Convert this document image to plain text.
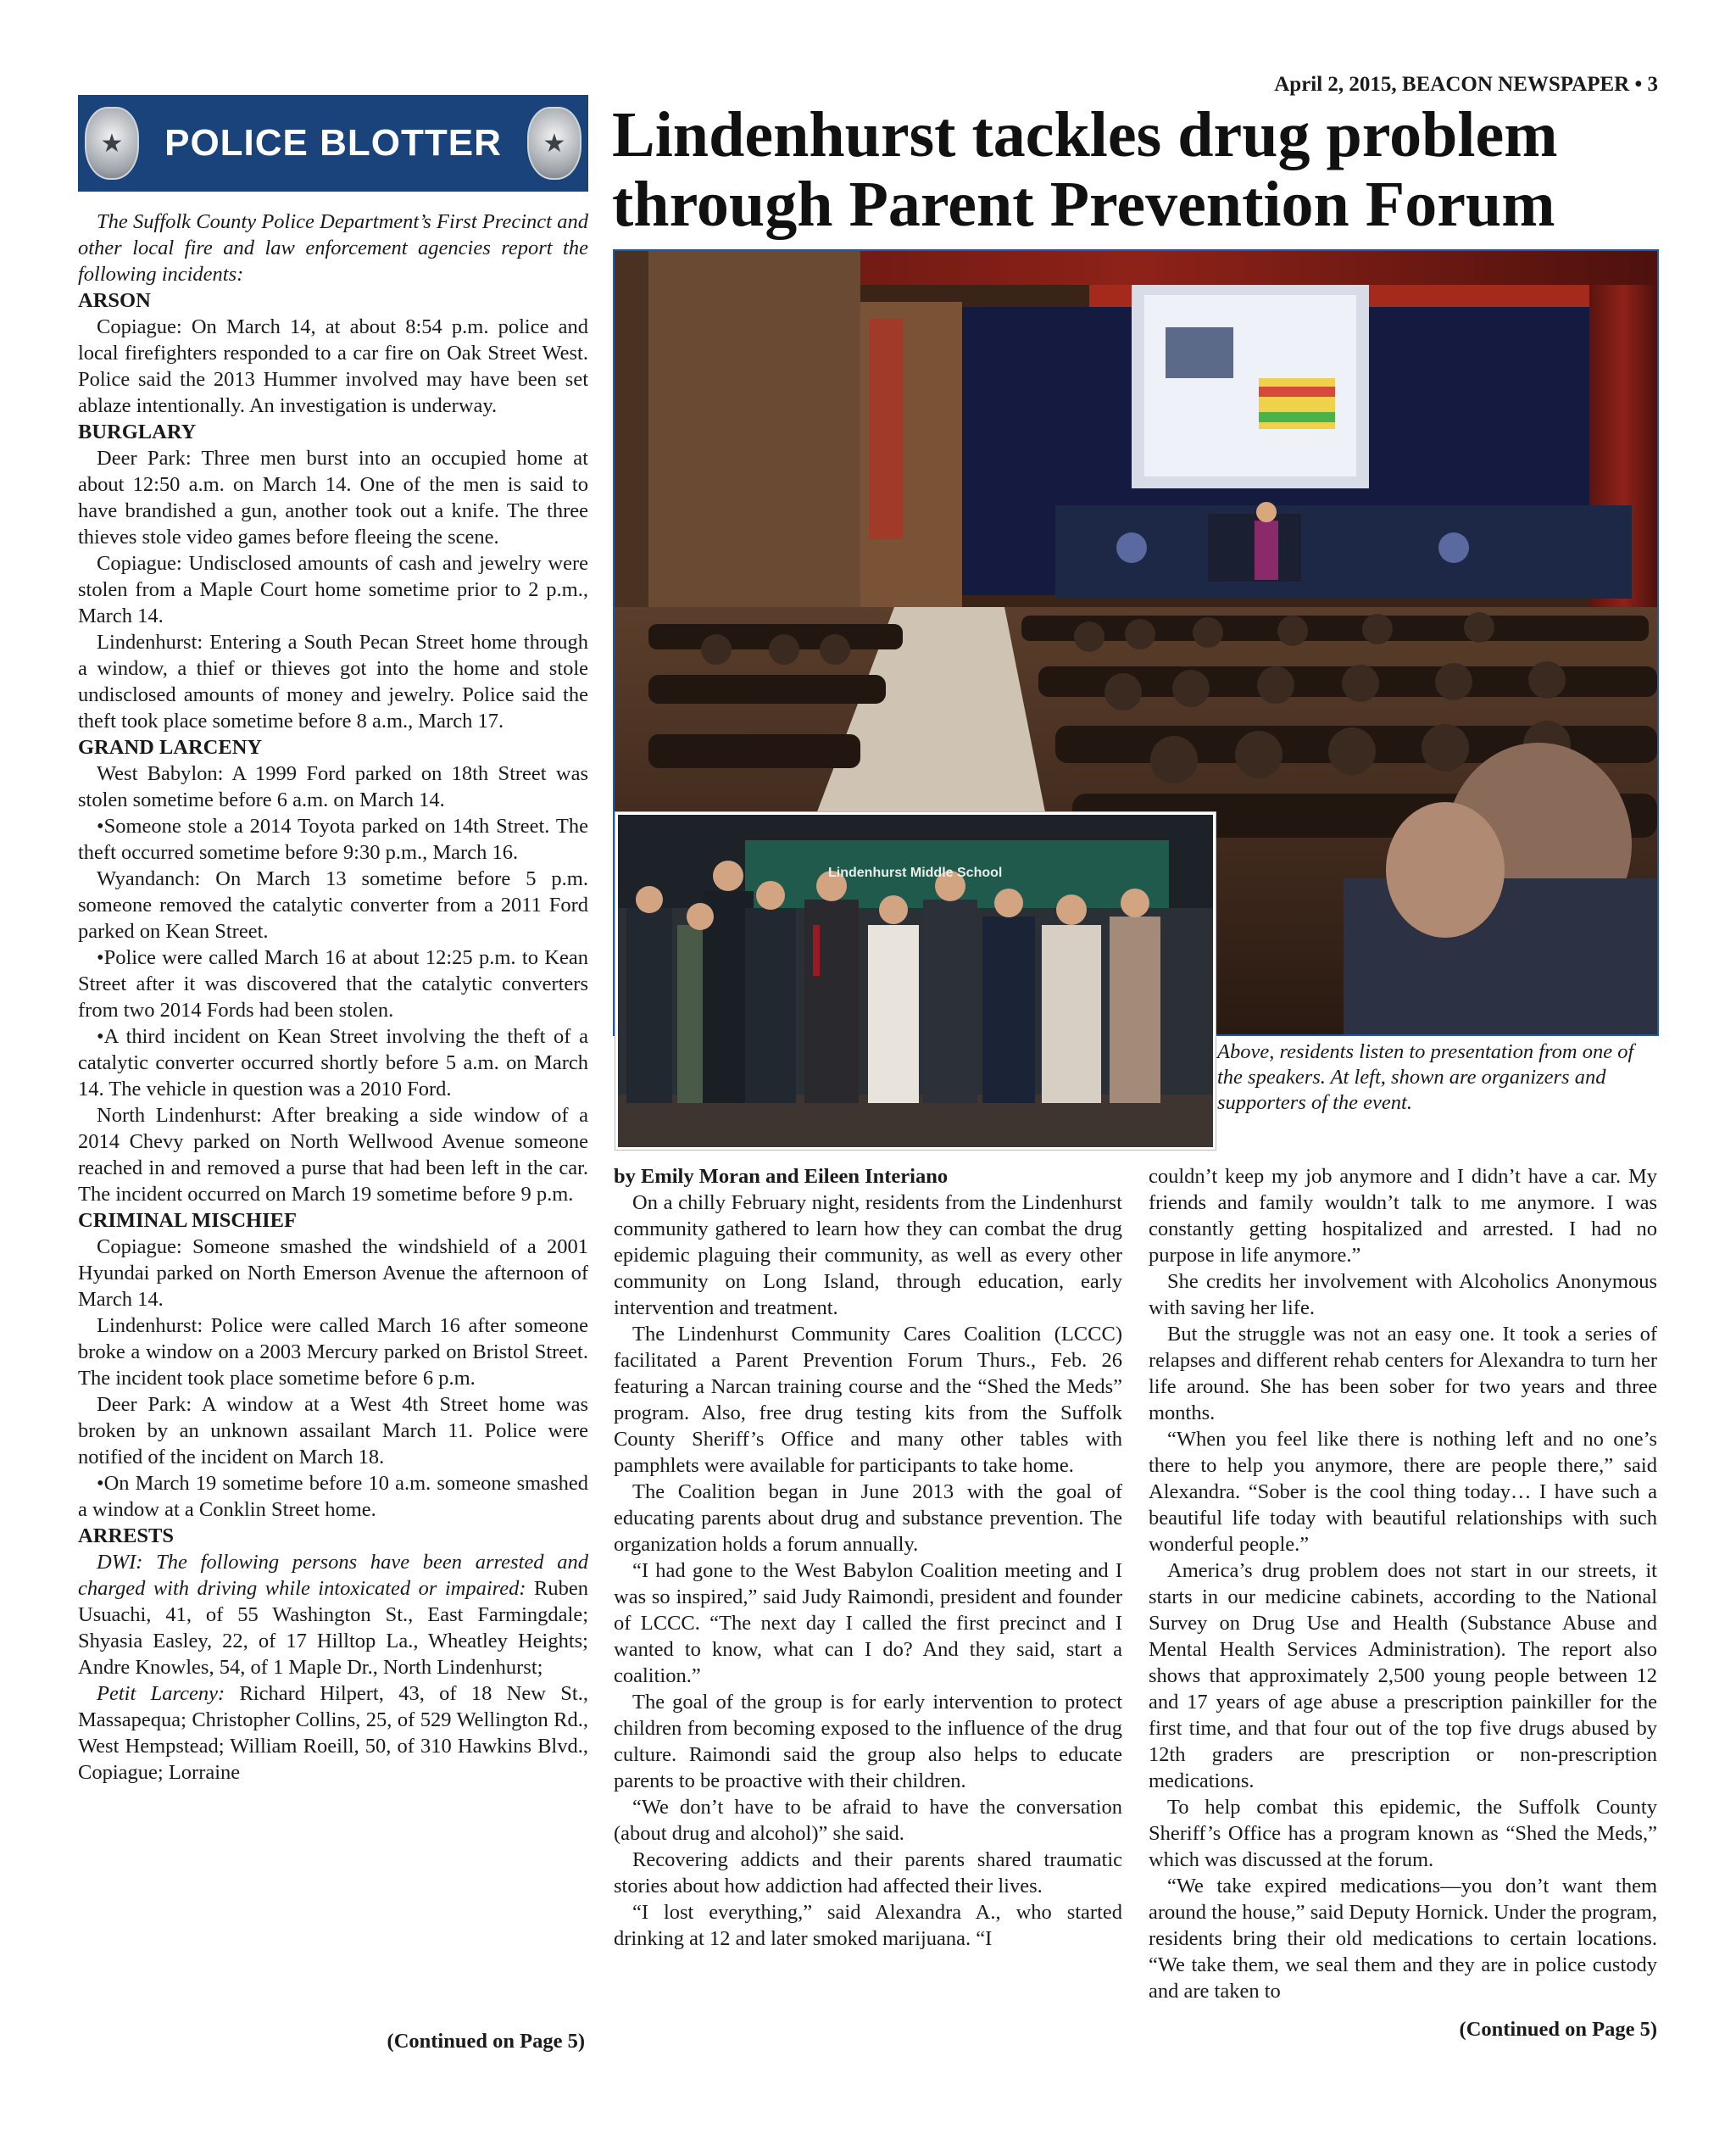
April 2, 2015, BEACON NEWSPAPER • 3
★	POLICE BLOTTER	★

The Suffolk County Police Department’s First Precinct and other local fire and law enforcement agencies report the following incidents:

ARSON

Copiague: On March 14, at about 8:54 p.m. police and local firefighters responded to a car fire on Oak Street West. Police said the 2013 Hummer involved may have been set ablaze intentionally. An investigation is underway.

BURGLARY

Deer Park: Three men burst into an occupied home at about 12:50 a.m. on March 14. One of the men is said to have brandished a gun, another took out a knife. The three thieves stole video games before fleeing the scene.

Copiague: Undisclosed amounts of cash and jewelry were stolen from a Maple Court home sometime prior to 2 p.m., March 14.

Lindenhurst: Entering a South Pecan Street home through a window, a thief or thieves got into the home and stole undisclosed amounts of money and jewelry. Police said the theft took place sometime before 8 a.m., March 17.

GRAND LARCENY

West Babylon: A 1999 Ford parked on 18th Street was stolen sometime before 6 a.m. on March 14.

•Someone stole a 2014 Toyota parked on 14th Street. The theft occurred sometime before 9:30 p.m., March 16.

Wyandanch: On March 13 sometime before 5 p.m. someone removed the catalytic converter from a 2011 Ford parked on Kean Street.

•Police were called March 16 at about 12:25 p.m. to Kean Street after it was discovered that the catalytic converters from two 2014 Fords had been stolen.

•A third incident on Kean Street involving the theft of a catalytic converter occurred shortly before 5 a.m. on March 14. The vehicle in question was a 2010 Ford.

North Lindenhurst: After breaking a side window of a 2014 Chevy parked on North Wellwood Avenue someone reached in and removed a purse that had been left in the car. The incident occurred on March 19 sometime before 9 p.m.

CRIMINAL MISCHIEF

Copiague: Someone smashed the windshield of a 2001 Hyundai parked on North Emerson Avenue the afternoon of March 14.

Lindenhurst: Police were called March 16 after someone broke a window on a 2003 Mercury parked on Bristol Street. The incident took place sometime before 6 p.m.

Deer Park: A window at a West 4th Street home was broken by an unknown assailant March 11. Police were notified of the incident on March 18.

•On March 19 sometime before 10 a.m. someone smashed a window at a Conklin Street home.

ARRESTS

DWI: The following persons have been arrested and charged with driving while intoxicated or impaired: Ruben Usuachi, 41, of 55 Washington St., East Farmingdale; Shyasia Easley, 22, of 17 Hilltop La., Wheatley Heights; Andre Knowles, 54, of 1 Maple Dr., North Lindenhurst;

Petit Larceny: Richard Hilpert, 43, of 18 New St., Massapequa; Christopher Collins, 25, of 529 Wellington Rd., West Hempstead; William Roeill, 50, of 310 Hawkins Blvd., Copiague; Lorraine

(Continued on Page 5)
Lindenhurst tackles drug problem through Parent Prevention Forum
Lindenhurst Middle School
Above, residents listen to presentation from one of the speakers. At left, shown are organizers and supporters of the event.

by Emily Moran and Eileen Interiano

On a chilly February night, residents from the Lindenhurst community gathered to learn how they can combat the drug epidemic plaguing their community, as well as every other community on Long Island, through education, early intervention and treatment.

The Lindenhurst Community Cares Coalition (LCCC) facilitated a Parent Prevention Forum Thurs., Feb. 26 featuring a Narcan training course and the “Shed the Meds” program. Also, free drug testing kits from the Suffolk County Sheriff’s Office and many other tables with pamphlets were available for participants to take home.

The Coalition began in June 2013 with the goal of educating parents about drug and substance prevention. The organization holds a forum annually.

“I had gone to the West Babylon Coalition meeting and I was so inspired,” said Judy Raimondi, president and founder of LCCC. “The next day I called the first precinct and I wanted to know, what can I do? And they said, start a coalition.”

The goal of the group is for early intervention to protect children from becoming exposed to the influence of the drug culture. Raimondi said the group also helps to educate parents to be proactive with their children.

“We don’t have to be afraid to have the conversation (about drug and alcohol)” she said.

Recovering addicts and their parents shared traumatic stories about how addiction had affected their lives.

“I lost everything,” said Alexandra A., who started drinking at 12 and later smoked marijuana. “I

couldn’t keep my job anymore and I didn’t have a car. My friends and family wouldn’t talk to me anymore. I was constantly getting hospitalized and arrested. I had no purpose in life anymore.”

She credits her involvement with Alcoholics Anonymous with saving her life.

But the struggle was not an easy one. It took a series of relapses and different rehab centers for Alexandra to turn her life around. She has been sober for two years and three months.

“When you feel like there is nothing left and no one’s there to help you anymore, there are people there,” said Alexandra. “Sober is the cool thing today… I have such a beautiful life today with beautiful relationships with such wonderful people.”

America’s drug problem does not start in our streets, it starts in our medicine cabinets, according to the National Survey on Drug Use and Health (Substance Abuse and Mental Health Services Administration). The report also shows that approximately 2,500 young people between 12 and 17 years of age abuse a prescription painkiller for the first time, and that four out of the top five drugs abused by 12th graders are prescription or non-prescription medications.

To help combat this epidemic, the Suffolk County Sheriff’s Office has a program known as “Shed the Meds,” which was discussed at the forum.

“We take expired medications—you don’t want them around the house,” said Deputy Hornick. Under the program, residents bring their old medications to certain locations. “We take them, we seal them and they are in police custody and are taken to

(Continued on Page 5)
